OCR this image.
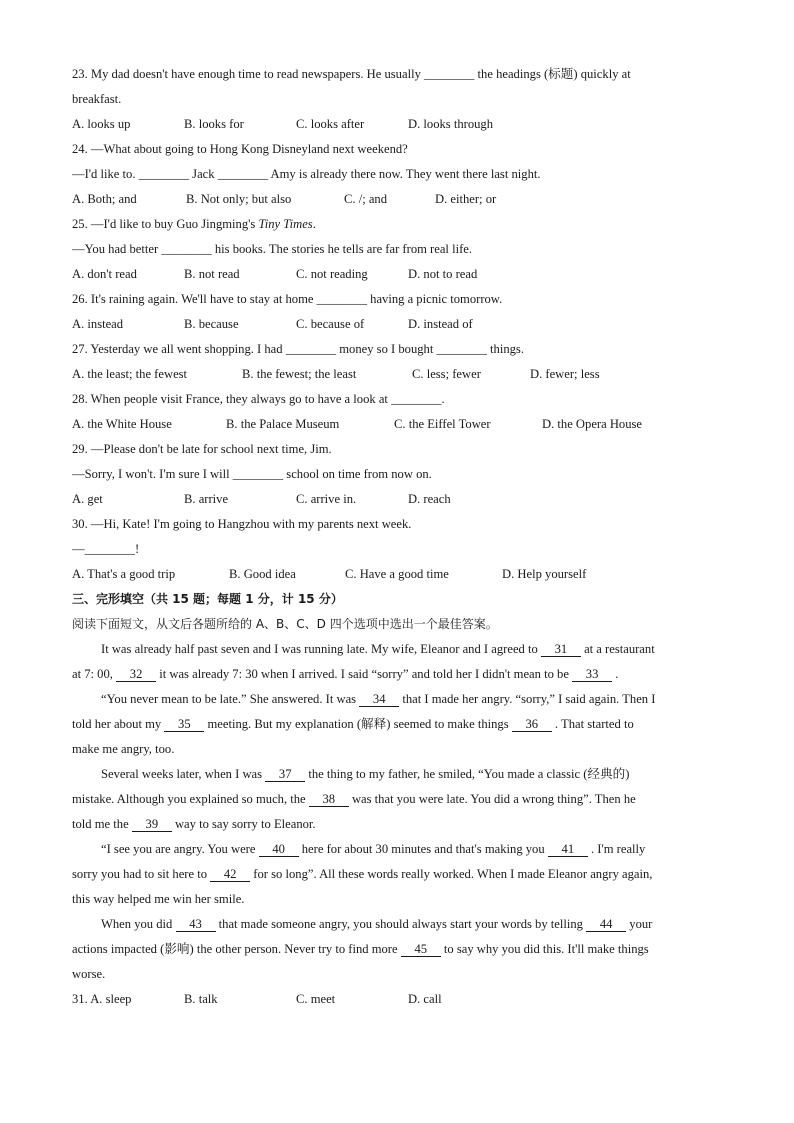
23. My dad doesn't have enough time to read newspapers. He usually ________ the headings (标题) quickly at
breakfast.
A. looks up	B. looks for	C. looks after	D. looks through
24. —What about going to Hong Kong Disneyland next weekend?
—I'd like to. ________ Jack ________ Amy is already there now. They went there last night.
A. Both; and	B. Not only; but also	C. /; and	D. either; or
25. —I'd like to buy Guo Jingming's Tiny Times.
—You had better ________ his books. The stories he tells are far from real life.
A. don't read	B. not read	C. not reading	D. not to read
26. It's raining again. We'll have to stay at home ________ having a picnic tomorrow.
A. instead	B. because	C. because of	D. instead of
27. Yesterday we all went shopping. I had ________ money so I bought ________ things.
A. the least; the fewest	B. the fewest; the least	C. less; fewer	D. fewer; less
28. When people visit France, they always go to have a look at ________.
A. the White House	B. the Palace Museum	C. the Eiffel Tower	D. the Opera House
29. —Please don't be late for school next time, Jim.
—Sorry, I won't. I'm sure I will ________ school on time from now on.
A. get	B. arrive	C. arrive in.	D. reach
30. —Hi, Kate! I'm going to Hangzhou with my parents next week.
—________!
A. That's a good trip	B. Good idea	C. Have a good time	D. Help yourself
三、完形填空（共 15 题；每题 1 分，计 15 分）
阅读下面短文，从文后各题所给的 A、B、C、D 四个选项中选出一个最佳答案。
It was already half past seven and I was running late. My wife, Eleanor and I agreed to 31 at a restaurant
at 7: 00, 32 it was already 7: 30 when I arrived. I said “sorry” and told her I didn't mean to be 33 .
“You never mean to be late.” She answered. It was 34 that I made her angry. “sorry,” I said again. Then I
told her about my 35 meeting. But my explanation (解释) seemed to make things 36 . That started to
make me angry, too.
Several weeks later, when I was 37 the thing to my father, he smiled, “You made a classic (经典的)
mistake. Although you explained so much, the 38 was that you were late. You did a wrong thing”. Then he
told me the 39 way to say sorry to Eleanor.
“I see you are angry. You were 40 here for about 30 minutes and that's making you 41 . I'm really
sorry you had to sit here to 42 for so long”. All these words really worked. When I made Eleanor angry again,
this way helped me win her smile.
When you did 43 that made someone angry, you should always start your words by telling 44 your
actions impacted (影响) the other person. Never try to find more 45 to say why you did this. It'll make things
worse.
31. A. sleep	B. talk	C. meet	D. call
